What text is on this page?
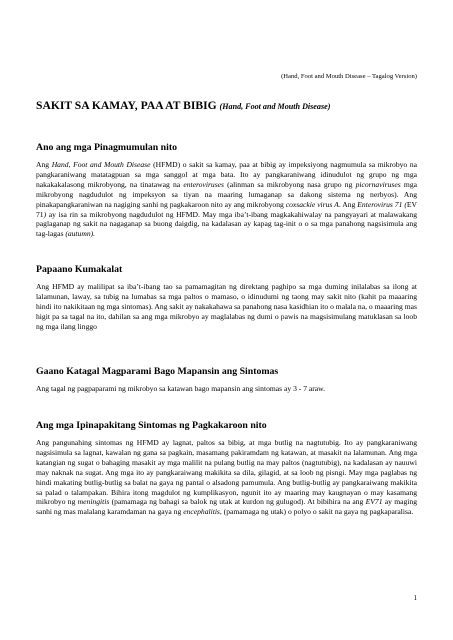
(Hand, Foot and Mouth Disease – Tagalog Version)
SAKIT SA KAMAY, PAA AT BIBIG (Hand, Foot and Mouth Disease)
Ano ang mga Pinagmumulan nito
Ang Hand, Foot and Mouth Disease (HFMD) o sakit sa kamay, paa at bibig ay impeksiyong nagmumula sa mikrobyo na pangkaraniwang matatagpuan sa mga sanggol at mga bata. Ito ay pangkaraniwang idinudulot ng grupo ng mga nakakakalasong mikrobyong, na tinatawag na enteroviruses (alinman sa mikrobyong nasa grupo ng picornaviruses mga mikrobyong nagdudulot ng impeksyon sa tiyan na maaring lumaganap sa dakong sistema ng nerbyos). Ang pinakapangkaraniwan na nagiging sanhi ng pagkakaroon nito ay ang mikrobyong coxsackie virus A. Ang Enterovirus 71 (EV 71) ay isa rin sa mikrobyong nagdudulot ng HFMD. May mga iba’t-ibang magkakahiwalay na pangyayari at malawakang paglaganap ng sakit na nagaganap sa buong daigdig, na kadalasan ay kapag tag-init o o sa mga panahong nagsisimula ang tag-lagas (autumn).
Papaano Kumakalat
Ang HFMD ay malilipat sa iba’t-ibang tao sa pamamagitan ng direktang paghipo sa mga duming inilalabas sa ilong at lalamunan, laway, sa tubig na lumabas sa mga paltos o mamaso, o idinudumi ng taong may sakit nito (kahit pa maaaring hindi ito nakikitaan ng mga sintomas). Ang sakit ay nakakahawa sa panahong nasa kasidhian ito o malala na, o maaaring mas higit pa sa tagal na ito, dahilan sa ang mga mikrobyo ay maglalabas ng dumi o pawis na magsisimulang matuklasan sa loob ng mga ilang linggo
Gaano Katagal Magparami Bago Mapansin ang Sintomas
Ang tagal ng pagpaparami ng mikrobyo sa katawan bago mapansin ang sintomas ay 3 - 7 araw.
Ang mga Ipinapakitang Sintomas ng Pagkakaroon nito
Ang pangunahing sintomas ng HFMD ay lagnat, paltos sa bibig, at mga butlig na nagtutubig. Ito ay pangkaraniwang nagsisimula sa lagnat, kawalan ng gana sa pagkain, masamang pakiramdam ng katawan, at masakit na lalamunan. Ang mga katangian ng sugat o bahaging masakit ay mga malilit na pulang butlig na may paltos (nagtutubig), na kadalasan ay nauuwi may naknak na sugat. Ang mga ito ay pangkaraiwang makikita sa dila, gilagid, at sa loob ng pisngi. May mga paglabas ng hindi makating butlig-butlig sa balat na gaya ng pantal o alsadong pamumula. Ang butlig-butlig ay pangkaraiwang makikita sa palad o talampakan. Bihira itong magdulot ng kumplikasyon, ngunit ito ay maaring may kaugnayan o may kasamang mikrobyo ng meningitis (pamamaga ng bahagi sa balok ng utak at kurdon ng gulugod). At bibihira na ang EV71 ay maging sanhi ng mas malalang karamdaman na gaya ng encephalitis, (pamamaga ng utak) o polyo o sakit na gaya ng pagkaparalisa.
1
